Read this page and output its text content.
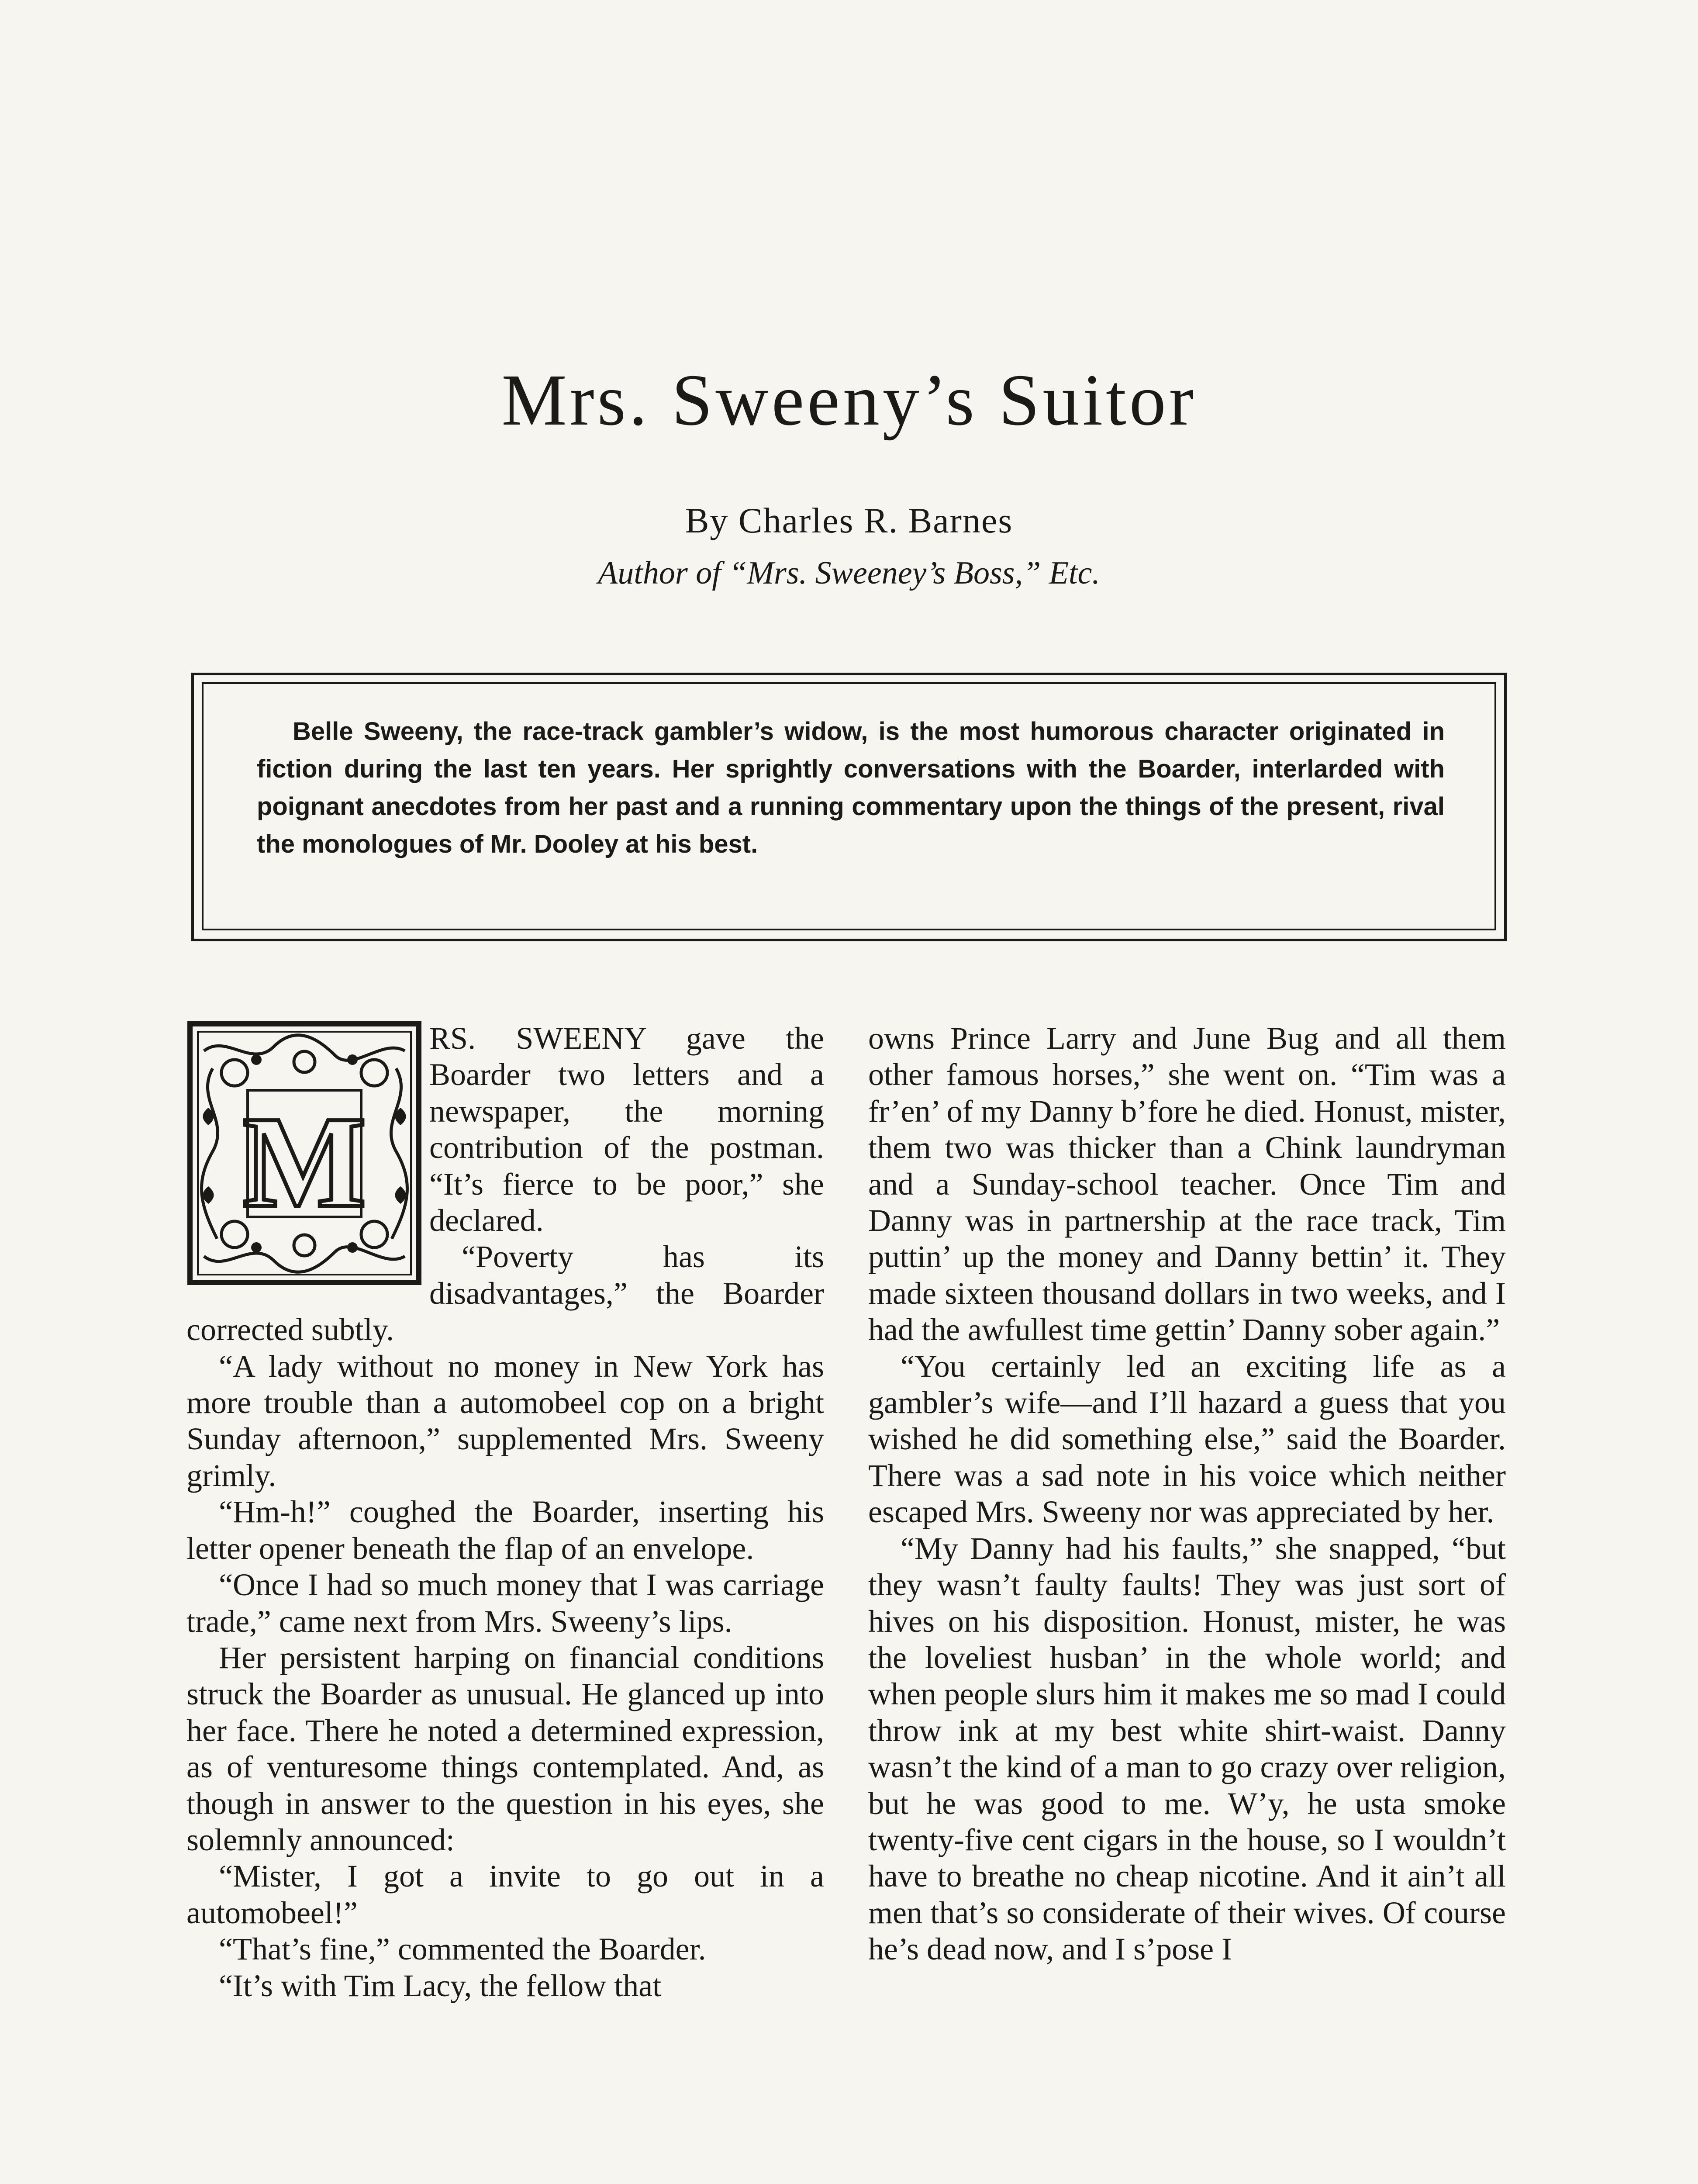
Mrs. Sweeny’s Suitor
By Charles R. Barnes
Author of “Mrs. Sweeney’s Boss,” Etc.
Belle Sweeny, the race-track gambler’s widow, is the most humorous character originated in fiction during the last ten years. Her sprightly conversations with the Boarder, interlarded with poignant anecdotes from her past and a running commentary upon the things of the present, rival the monologues of Mr. Dooley at his best.
M

RS. SWEENY gave the Boarder two letters and a newspaper, the morning contribution of the postman. “It’s fierce to be poor,” she declared.

“Poverty has its disadvantages,” the Boarder corrected subtly.

“A lady without no money in New York has more trouble than a automobeel cop on a bright Sunday afternoon,” supplemented Mrs. Sweeny grimly.

“Hm-h!” coughed the Boarder, inserting his letter opener beneath the flap of an envelope.

“Once I had so much money that I was carriage trade,” came next from Mrs. Sweeny’s lips.

Her persistent harping on financial conditions struck the Boarder as unusual. He glanced up into her face. There he noted a determined expression, as of venturesome things contemplated. And, as though in answer to the question in his eyes, she solemnly announced:

“Mister, I got a invite to go out in a automobeel!”

“That’s fine,” commented the Boarder.

“It’s with Tim Lacy, the fellow that

owns Prince Larry and June Bug and all them other famous horses,” she went on. “Tim was a fr’en’ of my Danny b’fore he died. Honust, mister, them two was thicker than a Chink laundryman and a Sunday-school teacher. Once Tim and Danny was in partnership at the race track, Tim puttin’ up the money and Danny bettin’ it. They made sixteen thousand dollars in two weeks, and I had the awfullest time gettin’ Danny sober again.”

“You certainly led an exciting life as a gambler’s wife—and I’ll hazard a guess that you wished he did something else,” said the Boarder. There was a sad note in his voice which neither escaped Mrs. Sweeny nor was appreciated by her.

“My Danny had his faults,” she snapped, “but they wasn’t faulty faults! They was just sort of hives on his disposition. Honust, mister, he was the loveliest husban’ in the whole world; and when people slurs him it makes me so mad I could throw ink at my best white shirt-waist. Danny wasn’t the kind of a man to go crazy over religion, but he was good to me. W’y, he usta smoke twenty-five cent cigars in the house, so I wouldn’t have to breathe no cheap nicotine. And it ain’t all men that’s so considerate of their wives. Of course he’s dead now, and I s’pose I
